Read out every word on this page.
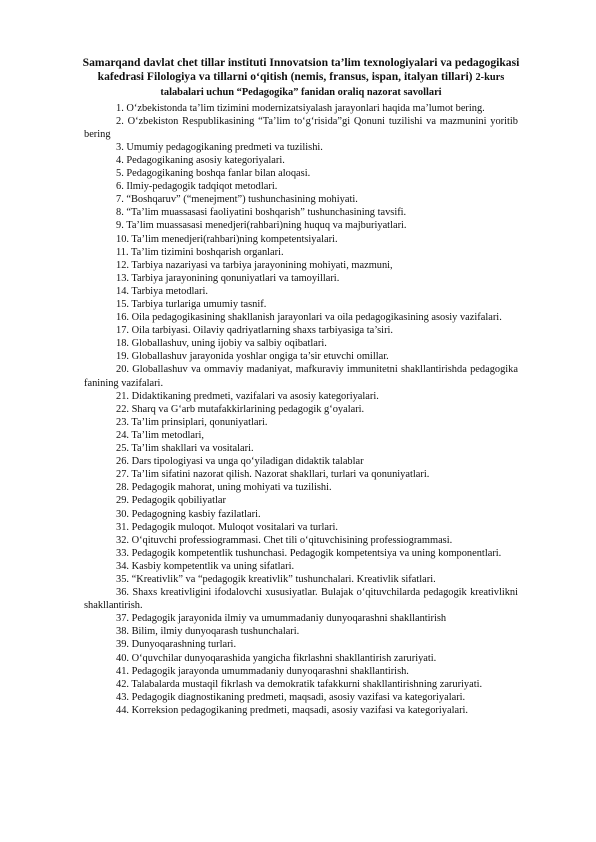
Samarqand davlat chet tillar instituti Innovatsion ta’lim texnologiyalari va pedagogikasi kafedrasi Filologiya va tillarni o‘qitish (nemis, fransus, ispan, italyan tillari) 2-kurs talabalari uchun “Pedagogika” fanidan oraliq nazorat savollari
1. O‘zbekistonda ta’lim tizimini modernizatsiyalash jarayonlari haqida ma’lumot bering.
2. O‘zbekiston Respublikasining “Ta’lim to‘g‘risida”gi Qonuni tuzilishi va mazmunini yoritib bering
3. Umumiy pedagogikaning predmeti va tuzilishi.
4. Pedagogikaning asosiy kategoriyalari.
5. Pedagogikaning boshqa fanlar bilan aloqasi.
6. Ilmiy-pedagogik tadqiqot metodlari.
7. “Boshqaruv” (“menejment”) tushunchasining mohiyati.
8. “Ta’lim muassasasi faoliyatini boshqarish” tushunchasining tavsifi.
9. Ta’lim muassasasi menedjeri(rahbari)ning huquq va majburiyatlari.
10. Ta’lim menedjeri(rahbari)ning kompetentsiyalari.
11. Ta’lim tizimini boshqarish organlari.
12. Tarbiya nazariyasi va tarbiya jarayonining mohiyati, mazmuni,
13. Tarbiya jarayonining qonuniyatlari va tamoyillari.
14. Tarbiya metodlari.
15. Tarbiya turlariga umumiy tasnif.
16. Oila pedagogikasining shakllanish jarayonlari va oila pedagogikasining asosiy vazifalari.
17. Oila tarbiyasi. Oilaviy qadriyatlarning shaxs tarbiyasiga ta’siri.
18. Globallashuv, uning ijobiy va salbiy oqibatlari.
19. Globallashuv jarayonida yoshlar ongiga ta’sir etuvchi omillar.
20. Globallashuv va ommaviy madaniyat, mafkuraviy immunitetni shakllantirishda pedagogika fanining vazifalari.
21. Didaktikaning predmeti, vazifalari va asosiy kategoriyalari.
22. Sharq va G‘arb mutafakkirlarining pedagogik g‘oyalari.
23. Ta’lim prinsiplari, qonuniyatlari.
24. Ta’lim metodlari,
25. Ta’lim shakllari va vositalari.
26. Dars tipologiyasi va unga qo‘yiladigan didaktik talablar
27. Ta’lim sifatini nazorat qilish. Nazorat shakllari, turlari va qonuniyatlari.
28. Pedagogik mahorat, uning mohiyati va tuzilishi.
29. Pedagogik qobiliyatlar
30. Pedagogning kasbiy fazilatlari.
31. Pedagogik muloqot. Muloqot vositalari va turlari.
32. O‘qituvchi professiogrammasi. Chet tili o‘qituvchisining professiogrammasi.
33. Pedagogik kompetentlik tushunchasi. Pedagogik kompetentsiya va uning komponentlari.
34. Kasbiy kompetentlik va uning sifatlari.
35. “Kreativlik” va “pedagogik kreativlik” tushunchalari. Kreativlik sifatlari.
36. Shaxs kreativligini ifodalovchi xususiyatlar. Bulajak o‘qituvchilarda pedagogik kreativlikni shakllantirish.
37. Pedagogik jarayonida ilmiy va umummadaniy dunyoqarashni shakllantirish
38. Bilim, ilmiy dunyoqarash tushunchalari.
39. Dunyoqarashning turlari.
40. O‘quvchilar dunyoqarashida yangicha fikrlashni shakllantirish zaruriyati.
41. Pedagogik jarayonda umummadaniy dunyoqarashni shakllantirish.
42. Talabalarda mustaqil fikrlash va demokratik tafakkurni shakllantirishning zaruriyati.
43. Pedagogik diagnostikaning predmeti, maqsadi, asosiy vazifasi va kategoriyalari.
44. Korreksion pedagogikaning predmeti, maqsadi, asosiy vazifasi va kategoriyalari.
